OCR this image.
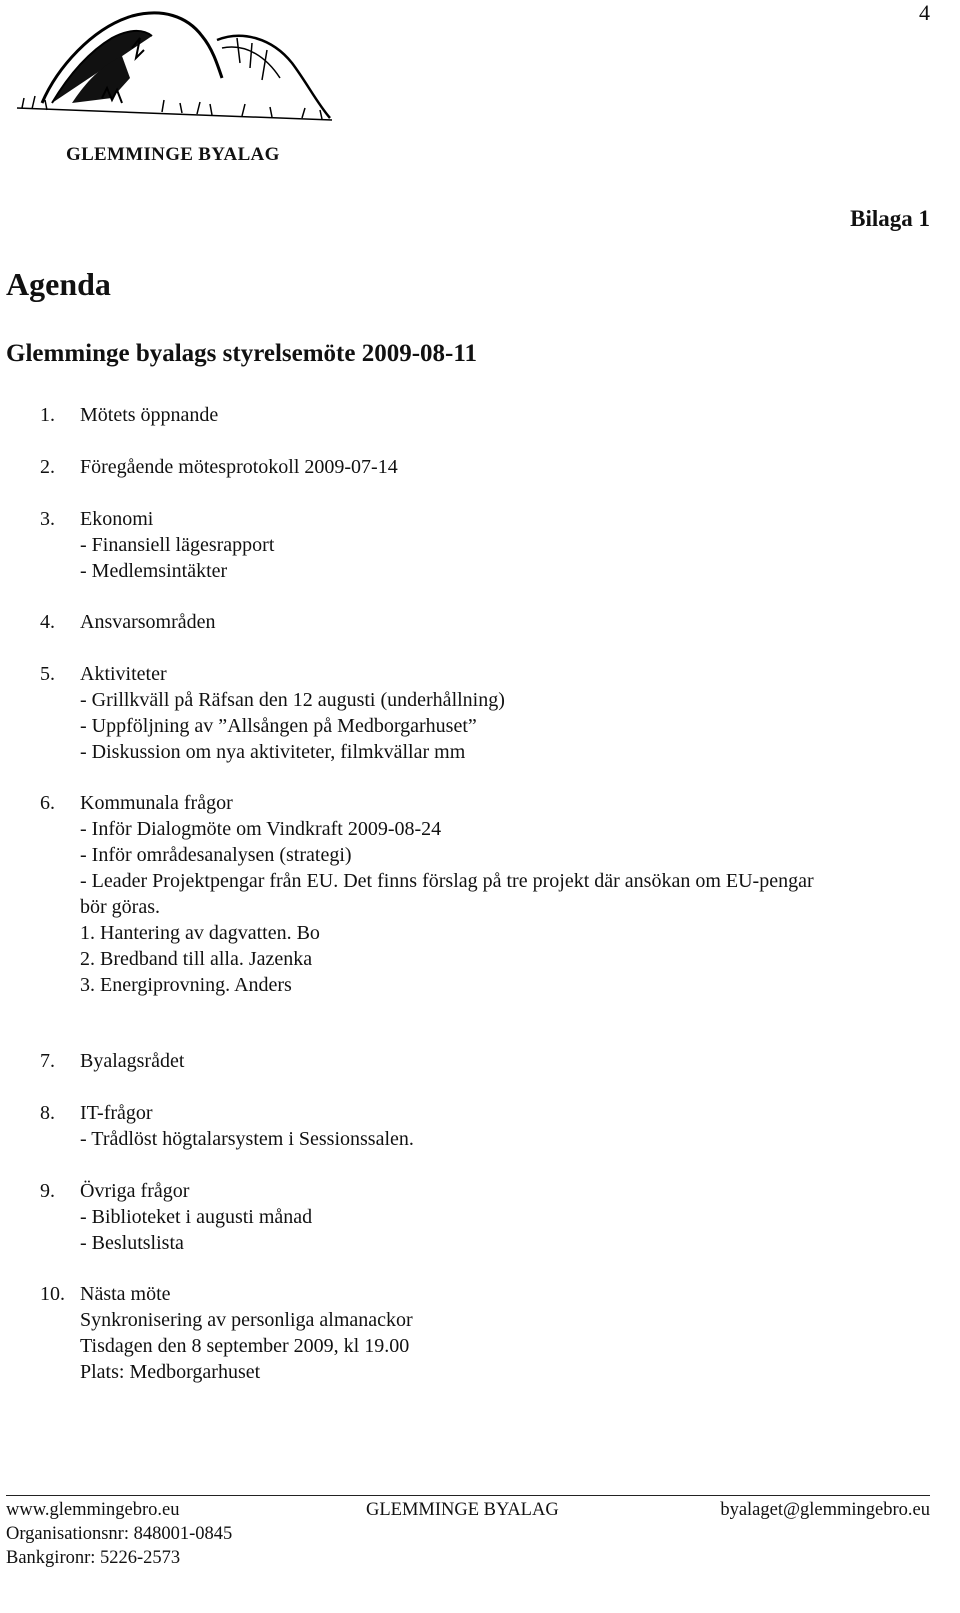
4
GLEMMINGE BYALAG
Bilaga 1
Agenda
Glemminge byalags styrelsemöte 2009-08-11
1. Mötets öppnande
2. Föregående mötesprotokoll 2009-07-14
3. Ekonomi
- Finansiell lägesrapport
- Medlemsintäkter
4. Ansvarsområden
5. Aktiviteter
- Grillkväll på Räfsan den 12 augusti (underhållning)
- Uppföljning av ”Allsången på Medborgarhuset”
- Diskussion om nya aktiviteter, filmkvällar mm
6. Kommunala frågor
- Inför Dialogmöte om Vindkraft 2009-08-24
- Inför områdesanalysen (strategi)
- Leader Projektpengar från EU. Det finns förslag på tre projekt där ansökan om EU-pengar
bör göras.
1. Hantering av dagvatten. Bo
2. Bredband till alla. Jazenka
3. Energiprovning. Anders
7. Byalagsrådet
8. IT-frågor
- Trådlöst högtalarsystem i Sessionssalen.
9. Övriga frågor
- Biblioteket i augusti månad
- Beslutslista
10. Nästa möte
Synkronisering av personliga almanackor
Tisdagen den 8 september 2009, kl 19.00
Plats: Medborgarhuset
www.glemmingebro.eu	GLEMMINGE BYALAG	byalaget@glemmingebro.eu
Organisationsnr: 848001-0845
Bankgironr: 5226-2573
